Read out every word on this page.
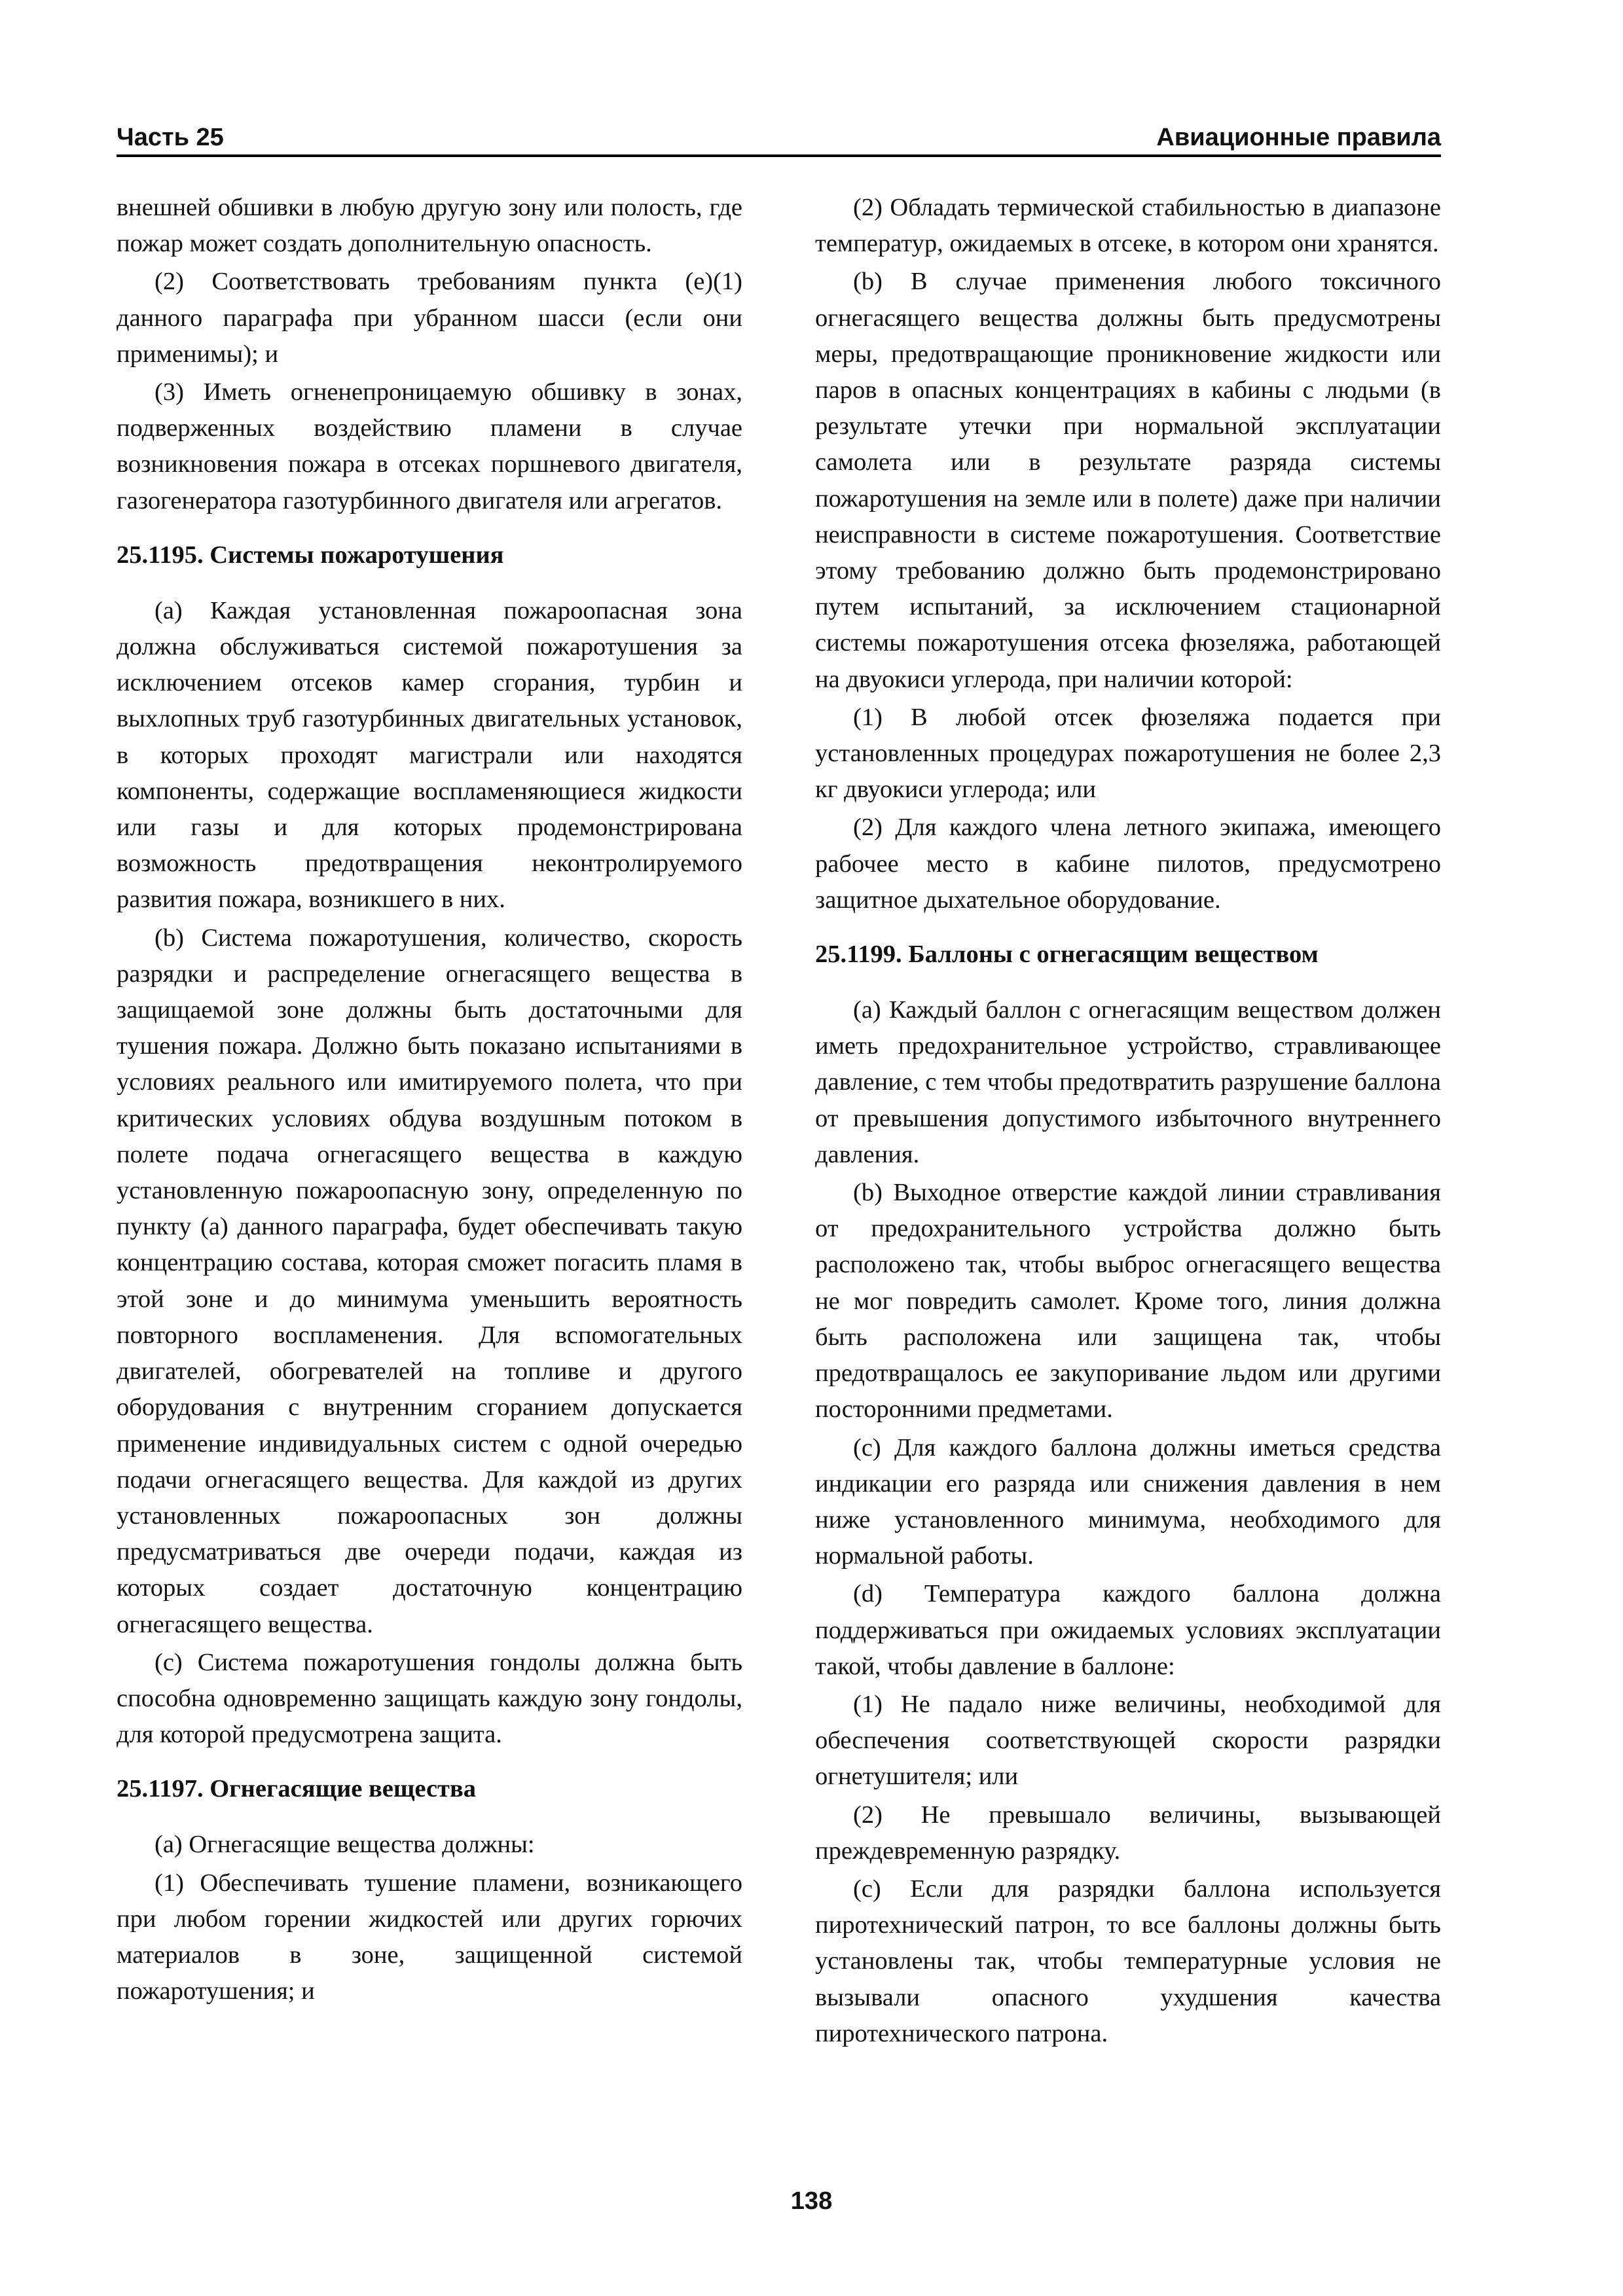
Часть 25	Авиационные правила

внешней обшивки в любую другую зону или полость, где пожар может создать дополнительную опасность.

(2) Соответствовать требованиям пункта (е)(1) данного параграфа при убранном шасси (если они применимы); и

(3) Иметь огненепроницаемую обшивку в зонах, подверженных воздействию пламени в случае возникновения пожара в отсеках поршневого двигателя, газогенератора газотурбинного двигателя или агрегатов.

25.1195. Системы пожаротушения

(a) Каждая установленная пожароопасная зона должна обслуживаться системой пожаротушения за исключением отсеков камер сгорания, турбин и выхлопных труб газотурбинных двигательных установок, в которых проходят магистрали или находятся компоненты, содержащие воспламеняющиеся жидкости или газы и для которых продемонстрирована возможность предотвращения неконтролируемого развития пожара, возникшего в них.

(b) Система пожаротушения, количество, скорость разрядки и распределение огнегасящего вещества в защищаемой зоне должны быть достаточными для тушения пожара. Должно быть показано испытаниями в условиях реального или имитируемого полета, что при критических условиях обдува воздушным потоком в полете подача огнегасящего вещества в каждую установленную пожароопасную зону, определенную по пункту (а) данного параграфа, будет обеспечивать такую концентрацию состава, которая сможет погасить пламя в этой зоне и до минимума уменьшить вероятность повторного воспламенения. Для вспомогательных двигателей, обогревателей на топливе и другого оборудования с внутренним сгоранием допускается применение индивидуальных систем с одной очередью подачи огнегасящего вещества. Для каждой из других установленных пожароопасных зон должны предусматриваться две очереди подачи, каждая из которых создает достаточную концентрацию огнегасящего вещества.

(с) Система пожаротушения гондолы должна быть способна одновременно защищать каждую зону гондолы, для которой предусмотрена защита.

25.1197. Огнегасящие вещества

(а) Огнегасящие вещества должны:

(1) Обеспечивать тушение пламени, возникающего при любом горении жидкостей или других горючих материалов в зоне, защищенной системой пожаротушения; и

(2) Обладать термической стабильностью в диапазоне температур, ожидаемых в отсеке, в котором они хранятся.

(b) В случае применения любого токсичного огнегасящего вещества должны быть предусмотрены меры, предотвращающие проникновение жидкости или паров в опасных концентрациях в кабины с людьми (в результате утечки при нормальной эксплуатации самолета или в результате разряда системы пожаротушения на земле или в полете) даже при наличии неисправности в системе пожаротушения. Соответствие этому требованию должно быть продемонстрировано путем испытаний, за исключением стационарной системы пожаротушения отсека фюзеляжа, работающей на двуокиси углерода, при наличии которой:

(1) В любой отсек фюзеляжа подается при установленных процедурах пожаротушения не более 2,3 кг двуокиси углерода; или

(2) Для каждого члена летного экипажа, имеющего рабочее место в кабине пилотов, предусмотрено защитное дыхательное оборудование.

25.1199. Баллоны с огнегасящим веществом

(а) Каждый баллон с огнегасящим веществом должен иметь предохранительное устройство, стравливающее давление, с тем чтобы предотвратить разрушение баллона от превышения допустимого избыточного внутреннего давления.

(b) Выходное отверстие каждой линии стравливания от предохранительного устройства должно быть расположено так, чтобы выброс огнегасящего вещества не мог повредить самолет. Кроме того, линия должна быть расположена или защищена так, чтобы предотвращалось ее закупоривание льдом или другими посторонними предметами.

(с) Для каждого баллона должны иметься средства индикации его разряда или снижения давления в нем ниже установленного минимума, необходимого для нормальной работы.

(d) Температура каждого баллона должна поддерживаться при ожидаемых условиях эксплуатации такой, чтобы давление в баллоне:

(1) Не падало ниже величины, необходимой для обеспечения соответствующей скорости разрядки огнетушителя; или

(2) Не превышало величины, вызывающей преждевременную разрядку.

(с) Если для разрядки баллона используется пиротехнический патрон, то все баллоны должны быть установлены так, чтобы температурные условия не вызывали опасного ухудшения качества пиротехнического патрона.

138
